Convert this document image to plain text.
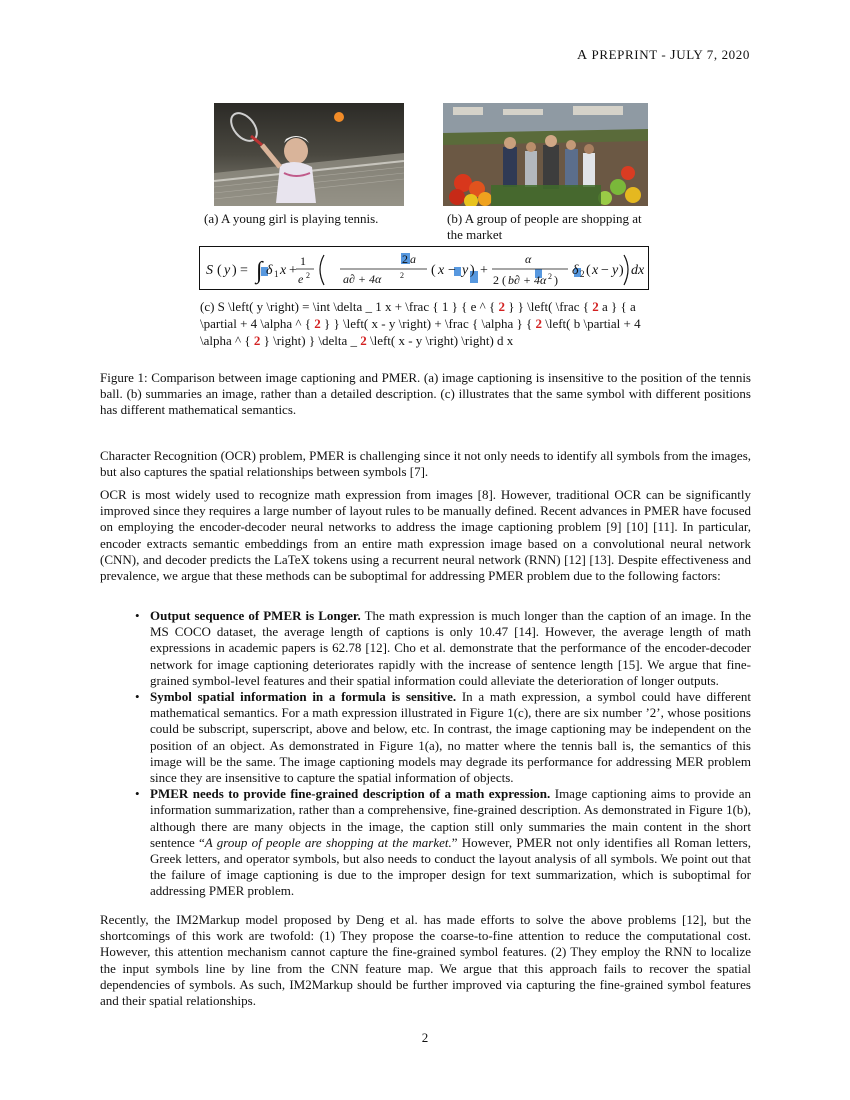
A PREPRINT - JULY 7, 2020
(a) A young girl is playing tennis.	(b) A group of people are shopping at the market
S ( y ) = ∫ δ 1 x +
1
e 2
2 a
a∂ + 4α 2 ( x − y ) +
α
2 ( b∂ + 4α 2 )
δ 2 ( x − y ) dx
(c) S \left( y \right) = \int \delta _ 1 x + \frac { 1 } { e ^ { 2 } } \left( \frac { 2 a } { a \partial + 4 \alpha ^ { 2 } } \left( x - y \right) + \frac { \alpha } { 2 \left( b \partial + 4 \alpha ^ { 2 } \right) } \delta _ 2 \left( x - y \right) \right) d x
Figure 1: Comparison between image captioning and PMER. (a) image captioning is insensitive to the position of the tennis ball. (b) summaries an image, rather than a detailed description. (c) illustrates that the same symbol with different positions has different mathematical semantics.
Character Recognition (OCR) problem, PMER is challenging since it not only needs to identify all symbols from the images, but also captures the spatial relationships between symbols [7].
OCR is most widely used to recognize math expression from images [8]. However, traditional OCR can be significantly improved since they requires a large number of layout rules to be manually defined. Recent advances in PMER have focused on employing the encoder-decoder neural networks to address the image captioning problem [9] [10] [11]. In particular, encoder extracts semantic embeddings from an entire math expression image based on a convolutional neural network (CNN), and decoder predicts the LaTeX tokens using a recurrent neural network (RNN) [12] [13]. Despite effectiveness and prevalence, we argue that these methods can be suboptimal for addressing PMER problem due to the following factors:
• Output sequence of PMER is Longer. The math expression is much longer than the caption of an image. In the MS COCO dataset, the average length of captions is only 10.47 [14]. However, the average length of math expressions in academic papers is 62.78 [12]. Cho et al. demonstrate that the performance of the encoder-decoder network for image captioning deteriorates rapidly with the increase of sentence length [15]. We argue that fine-grained symbol-level features and their spatial information could alleviate the deterioration of longer outputs.
• Symbol spatial information in a formula is sensitive. In a math expression, a symbol could have different mathematical semantics. For a math expression illustrated in Figure 1(c), there are six number ’2’, whose positions could be subscript, superscript, above and below, etc. In contrast, the image captioning may be independent on the position of an object. As demonstrated in Figure 1(a), no matter where the tennis ball is, the semantics of this image will be the same. The image captioning models may degrade its performance for addressing MER problem since they are insensitive to capture the spatial information of objects.
• PMER needs to provide fine-grained description of a math expression. Image captioning aims to provide an information summarization, rather than a comprehensive, fine-grained description. As demonstrated in Figure 1(b), although there are many objects in the image, the caption still only summaries the main content in the short sentence “A group of people are shopping at the market.” However, PMER not only identifies all Roman letters, Greek letters, and operator symbols, but also needs to conduct the layout analysis of all symbols. We point out that the failure of image captioning is due to the improper design for text summarization, which is suboptimal for addressing PMER problem.
Recently, the IM2Markup model proposed by Deng et al. has made efforts to solve the above problems [12], but the shortcomings of this work are twofold: (1) They propose the coarse-to-fine attention to reduce the computational cost. However, this attention mechanism cannot capture the fine-grained symbol features. (2) They employ the RNN to localize the input symbols line by line from the CNN feature map. We argue that this approach fails to recover the spatial dependencies of symbols. As such, IM2Markup should be further improved via capturing the fine-grained symbol features and their spatial relationships.
2
